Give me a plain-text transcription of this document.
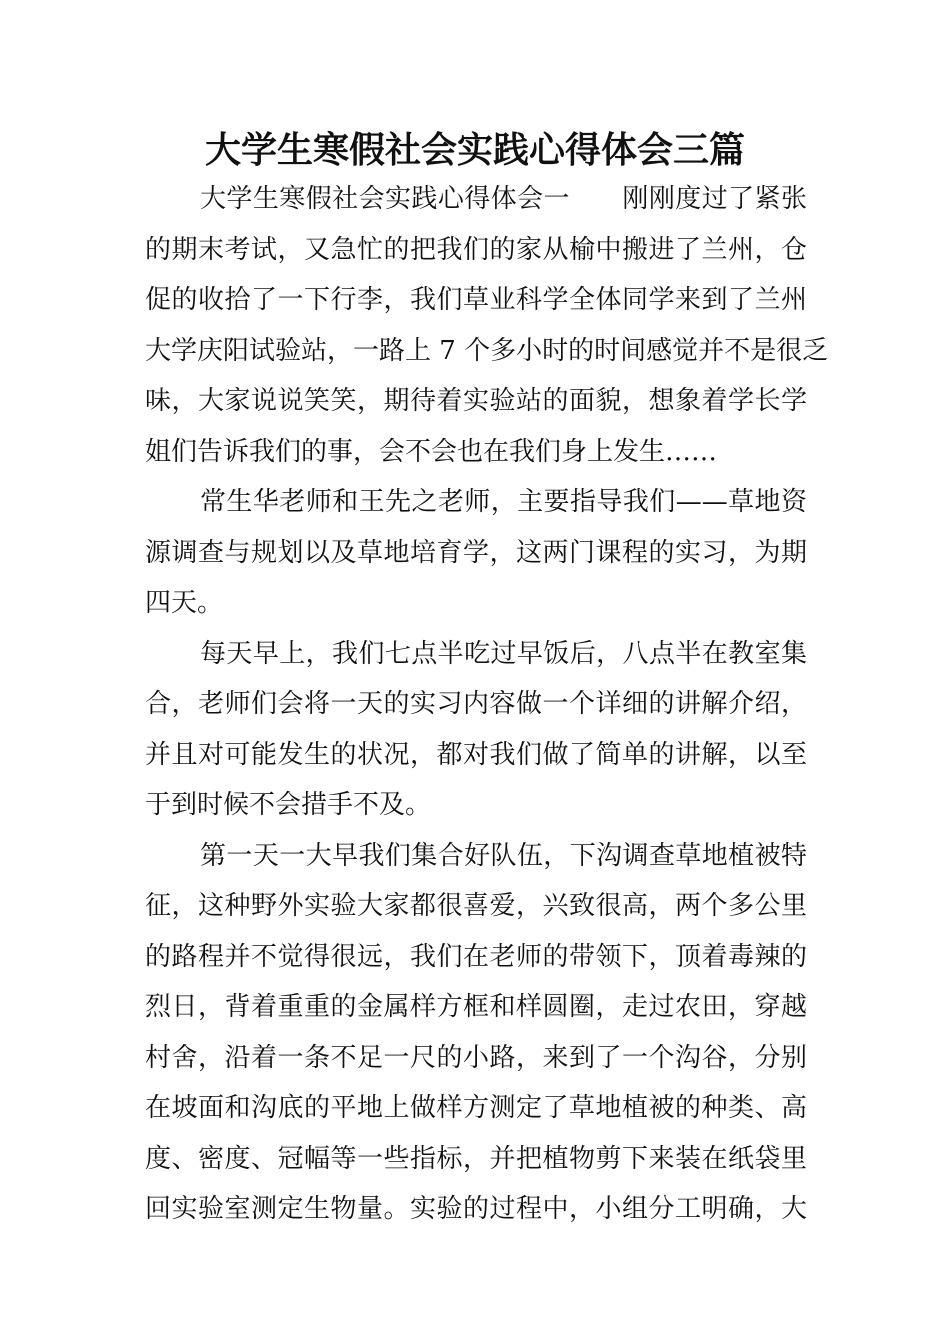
大学生寒假社会实践心得体会三篇
大学生寒假社会实践心得体会一 刚刚度过了紧张
的期末考试，又急忙的把我们的家从榆中搬进了兰州，仓
促的收拾了一下行李，我们草业科学全体同学来到了兰州
大学庆阳试验站，一路上 7 个多小时的时间感觉并不是很乏
味，大家说说笑笑，期待着实验站的面貌，想象着学长学
姐们告诉我们的事，会不会也在我们身上发生……
常生华老师和王先之老师，主要指导我们——草地资
源调查与规划以及草地培育学，这两门课程的实习，为期
四天。
每天早上，我们七点半吃过早饭后，八点半在教室集
合，老师们会将一天的实习内容做一个详细的讲解介绍，
并且对可能发生的状况，都对我们做了简单的讲解，以至
于到时候不会措手不及。
第一天一大早我们集合好队伍，下沟调查草地植被特
征，这种野外实验大家都很喜爱，兴致很高，两个多公里
的路程并不觉得很远，我们在老师的带领下，顶着毒辣的
烈日，背着重重的金属样方框和样圆圈，走过农田，穿越
村舍，沿着一条不足一尺的小路，来到了一个沟谷，分别
在坡面和沟底的平地上做样方测定了草地植被的种类、高
度、密度、冠幅等一些指标，并把植物剪下来装在纸袋里
回实验室测定生物量。实验的过程中，小组分工明确，大
